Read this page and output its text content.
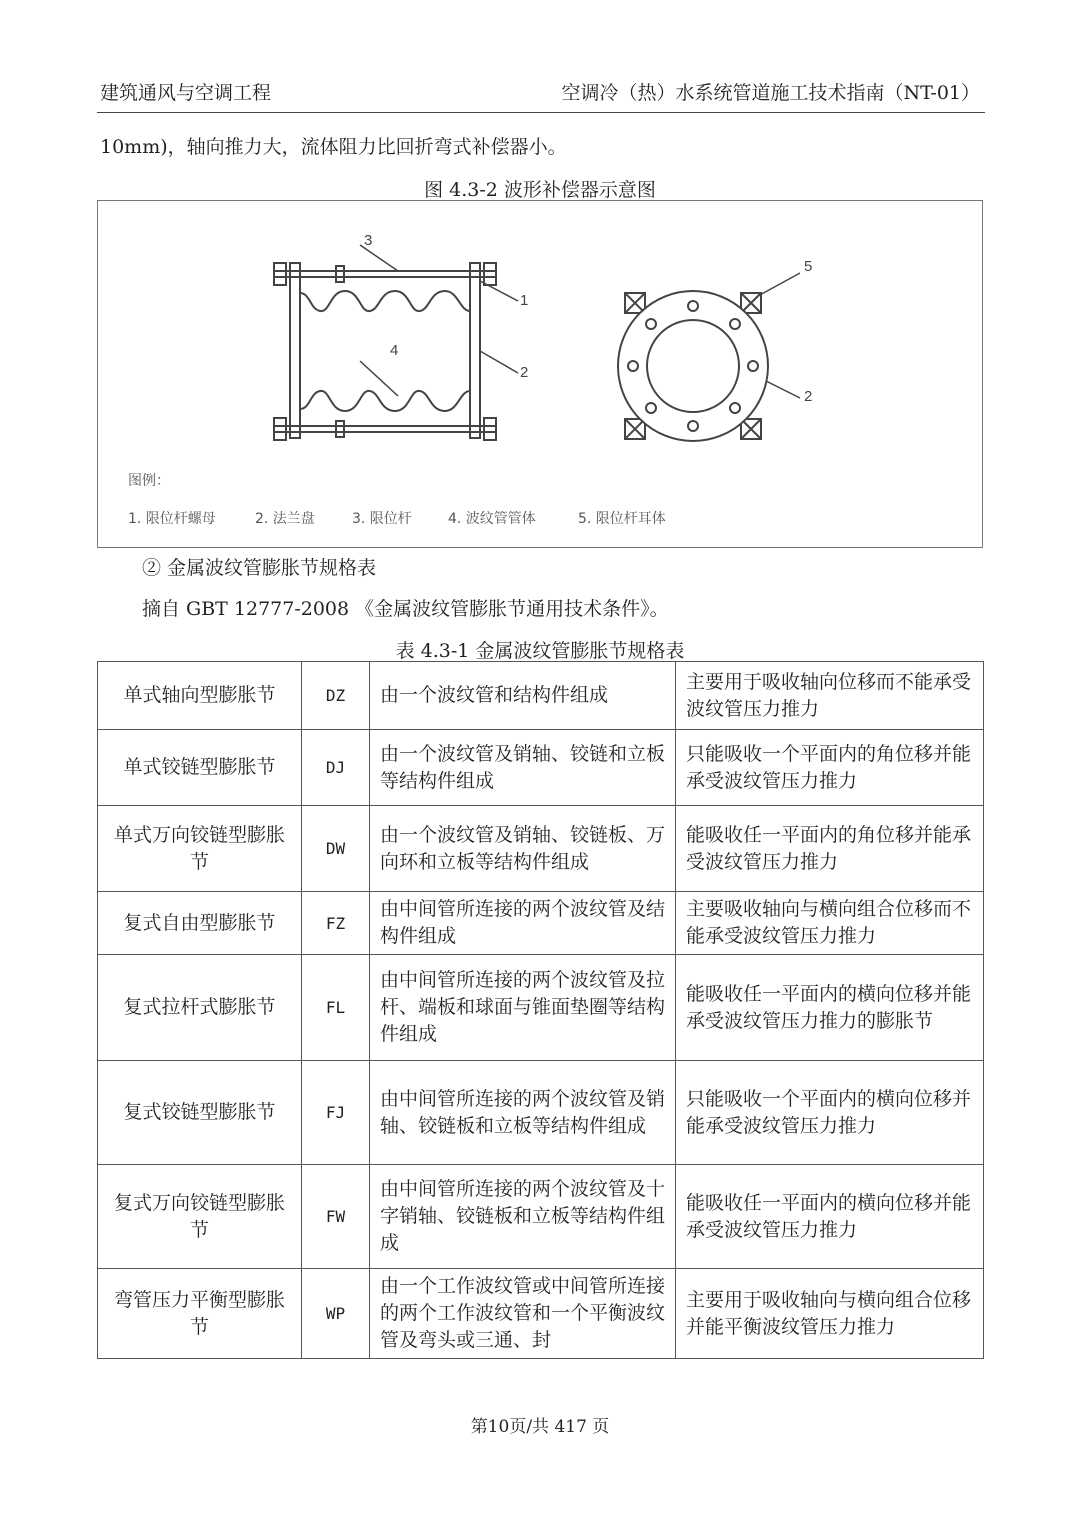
建筑通风与空调工程	空调冷（热）水系统管道施工技术指南（NT-01）
10mm)，轴向推力大，流体阻力比回折弯式补偿器小。
图 4.3-2 波形补偿器示意图
3
1
4
2
5
2
图例：
1. 限位杆螺母	2. 法兰盘	3. 限位杆	4. 波纹管管体	5. 限位杆耳体
② 金属波纹管膨胀节规格表
摘自 GBT 12777-2008 《金属波纹管膨胀节通用技术条件》。
表 4.3-1 金属波纹管膨胀节规格表
单式轴向型膨胀节	DZ	由一个波纹管和结构件组成	主要用于吸收轴向位移而不能承受波纹管压力推力
单式铰链型膨胀节	DJ	由一个波纹管及销轴、铰链和立板等结构件组成	只能吸收一个平面内的角位移并能承受波纹管压力推力
单式万向铰链型膨胀节	DW	由一个波纹管及销轴、铰链板、万向环和立板等结构件组成	能吸收任一平面内的角位移并能承受波纹管压力推力
复式自由型膨胀节	FZ	由中间管所连接的两个波纹管及结构件组成	主要吸收轴向与横向组合位移而不能承受波纹管压力推力
复式拉杆式膨胀节	FL	由中间管所连接的两个波纹管及拉杆、端板和球面与锥面垫圈等结构件组成	能吸收任一平面内的横向位移并能承受波纹管压力推力的膨胀节
复式铰链型膨胀节	FJ	由中间管所连接的两个波纹管及销轴、铰链板和立板等结构件组成	只能吸收一个平面内的横向位移并能承受波纹管压力推力
复式万向铰链型膨胀节	FW	由中间管所连接的两个波纹管及十字销轴、铰链板和立板等结构件组成	能吸收任一平面内的横向位移并能承受波纹管压力推力
弯管压力平衡型膨胀节	WP	由一个工作波纹管或中间管所连接的两个工作波纹管和一个平衡波纹管及弯头或三通、封	主要用于吸收轴向与横向组合位移并能平衡波纹管压力推力
第10页/共 417 页
